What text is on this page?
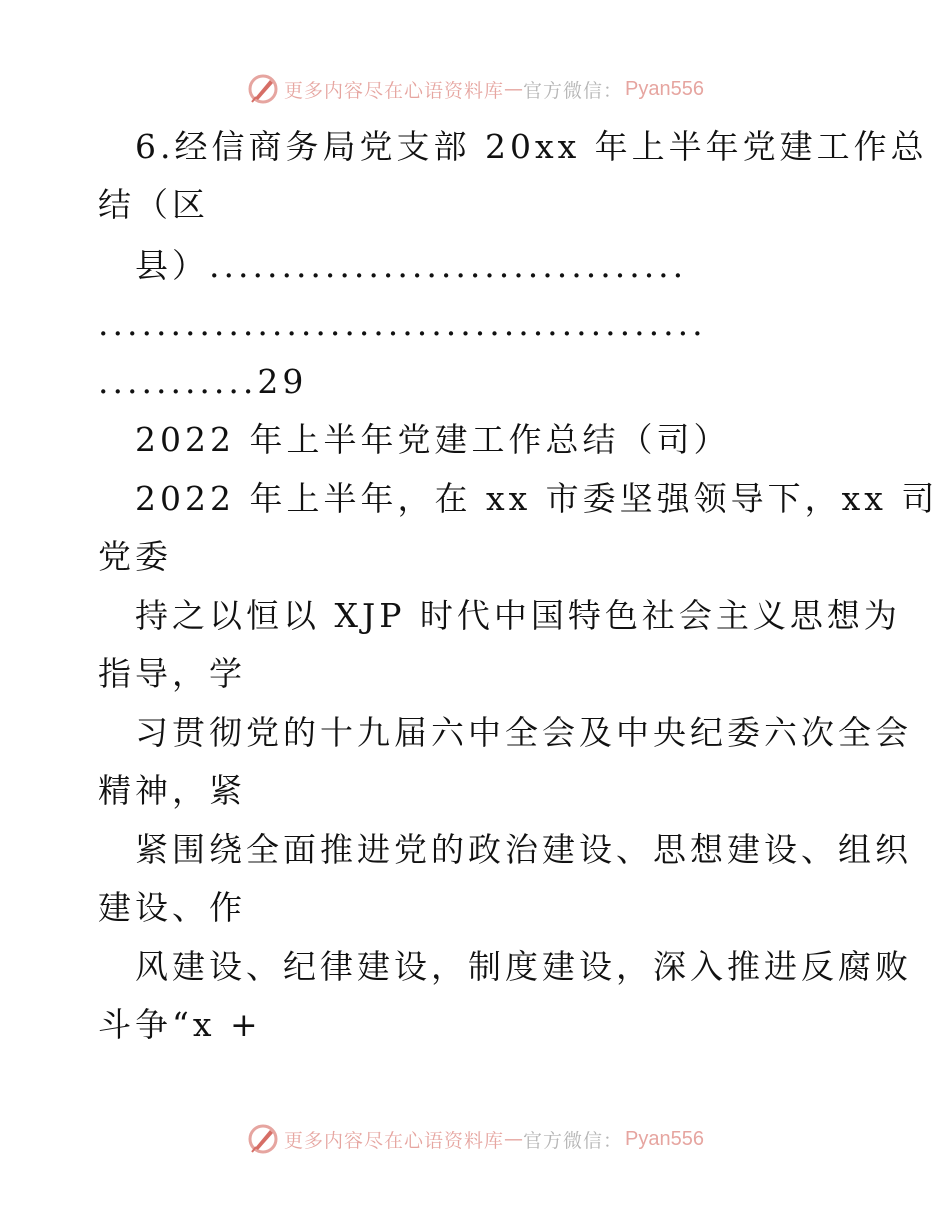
更多内容尽在心语资料库 — 官方微信： Pyan556
6.经信商务局党支部 20xx 年上半年党建工作总
结（区
县）.................................
..........................................
...........29
2022 年上半年党建工作总结（司）
2022 年上半年，在 xx 市委坚强领导下，xx 司
党委
持之以恒以 XJP 时代中国特色社会主义思想为
指导，学
习贯彻党的十九届六中全会及中央纪委六次全会
精神，紧
紧围绕全面推进党的政治建设、思想建设、组织
建设、作
风建设、纪律建设，制度建设，深入推进反腐败
斗争“x +
更多内容尽在心语资料库 — 官方微信： Pyan556
